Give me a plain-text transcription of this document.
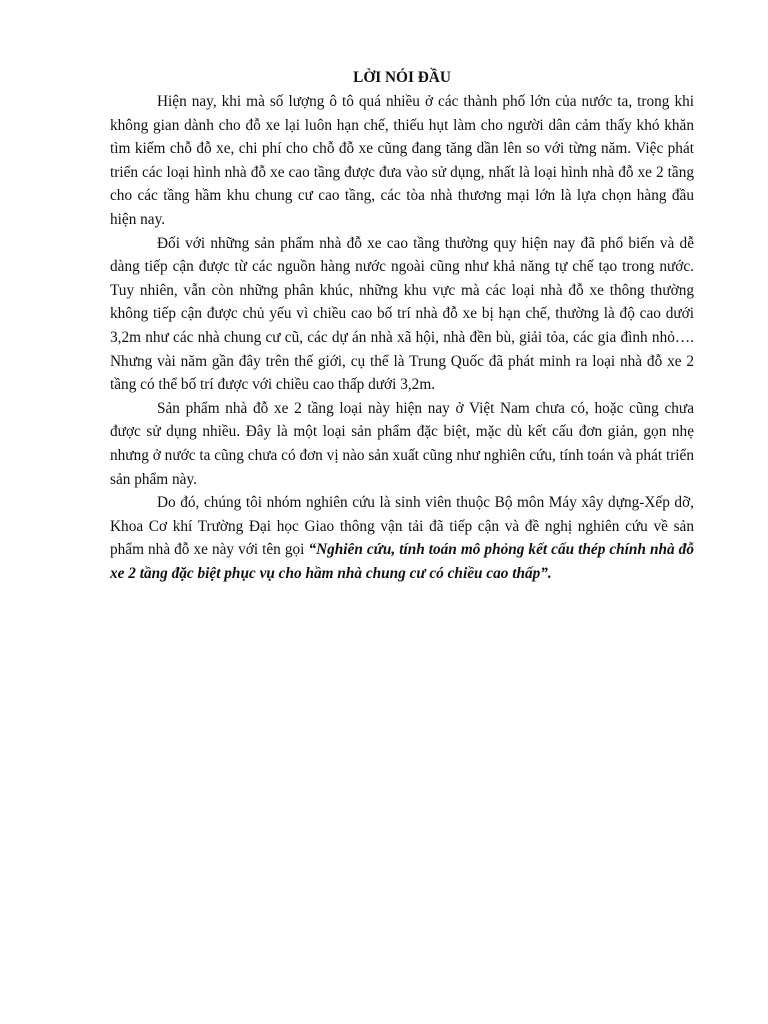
LỜI NÓI ĐẦU

Hiện nay, khi mà số lượng ô tô quá nhiều ở các thành phố lớn của nước ta, trong khi không gian dành cho đỗ xe lại luôn hạn chế, thiếu hụt làm cho người dân cảm thấy khó khăn tìm kiếm chỗ đỗ xe, chi phí cho chỗ đỗ xe cũng đang tăng dần lên so với từng năm. Việc phát triển các loại hình nhà đỗ xe cao tầng được đưa vào sử dụng, nhất là loại hình nhà đỗ xe 2 tầng cho các tầng hầm khu chung cư cao tầng, các tòa nhà thương mại lớn là lựa chọn hàng đầu hiện nay.

Đối với những sản phẩm nhà đỗ xe cao tầng thường quy hiện nay đã phổ biến và dễ dàng tiếp cận được từ các nguồn hàng nước ngoài cũng như khả năng tự chế tạo trong nước. Tuy nhiên, vẫn còn những phân khúc, những khu vực mà các loại nhà đỗ xe thông thường không tiếp cận được chủ yếu vì chiều cao bố trí nhà đỗ xe bị hạn chế, thường là độ cao dưới 3,2m như các nhà chung cư cũ, các dự án nhà xã hội, nhà đền bù, giải tỏa, các gia đình nhỏ…. Nhưng vài năm gần đây trên thế giới, cụ thể là Trung Quốc đã phát minh ra loại nhà đỗ xe 2 tầng có thể bố trí được với chiều cao thấp dưới 3,2m.

Sản phẩm nhà đỗ xe 2 tầng loại này hiện nay ở Việt Nam chưa có, hoặc cũng chưa được sử dụng nhiều. Đây là một loại sản phẩm đặc biệt, mặc dù kết cấu đơn giản, gọn nhẹ nhưng ở nước ta cũng chưa có đơn vị nào sản xuất cũng như nghiên cứu, tính toán và phát triển sản phẩm này.

Do đó, chúng tôi nhóm nghiên cứu là sinh viên thuộc Bộ môn Máy xây dựng-Xếp dỡ, Khoa Cơ khí Trường Đại học Giao thông vận tải đã tiếp cận và đề nghị nghiên cứu về sản phẩm nhà đỗ xe này với tên gọi “Nghiên cứu, tính toán mô phỏng kết cấu thép chính nhà đỗ xe 2 tầng đặc biệt phục vụ cho hầm nhà chung cư có chiều cao thấp”.
